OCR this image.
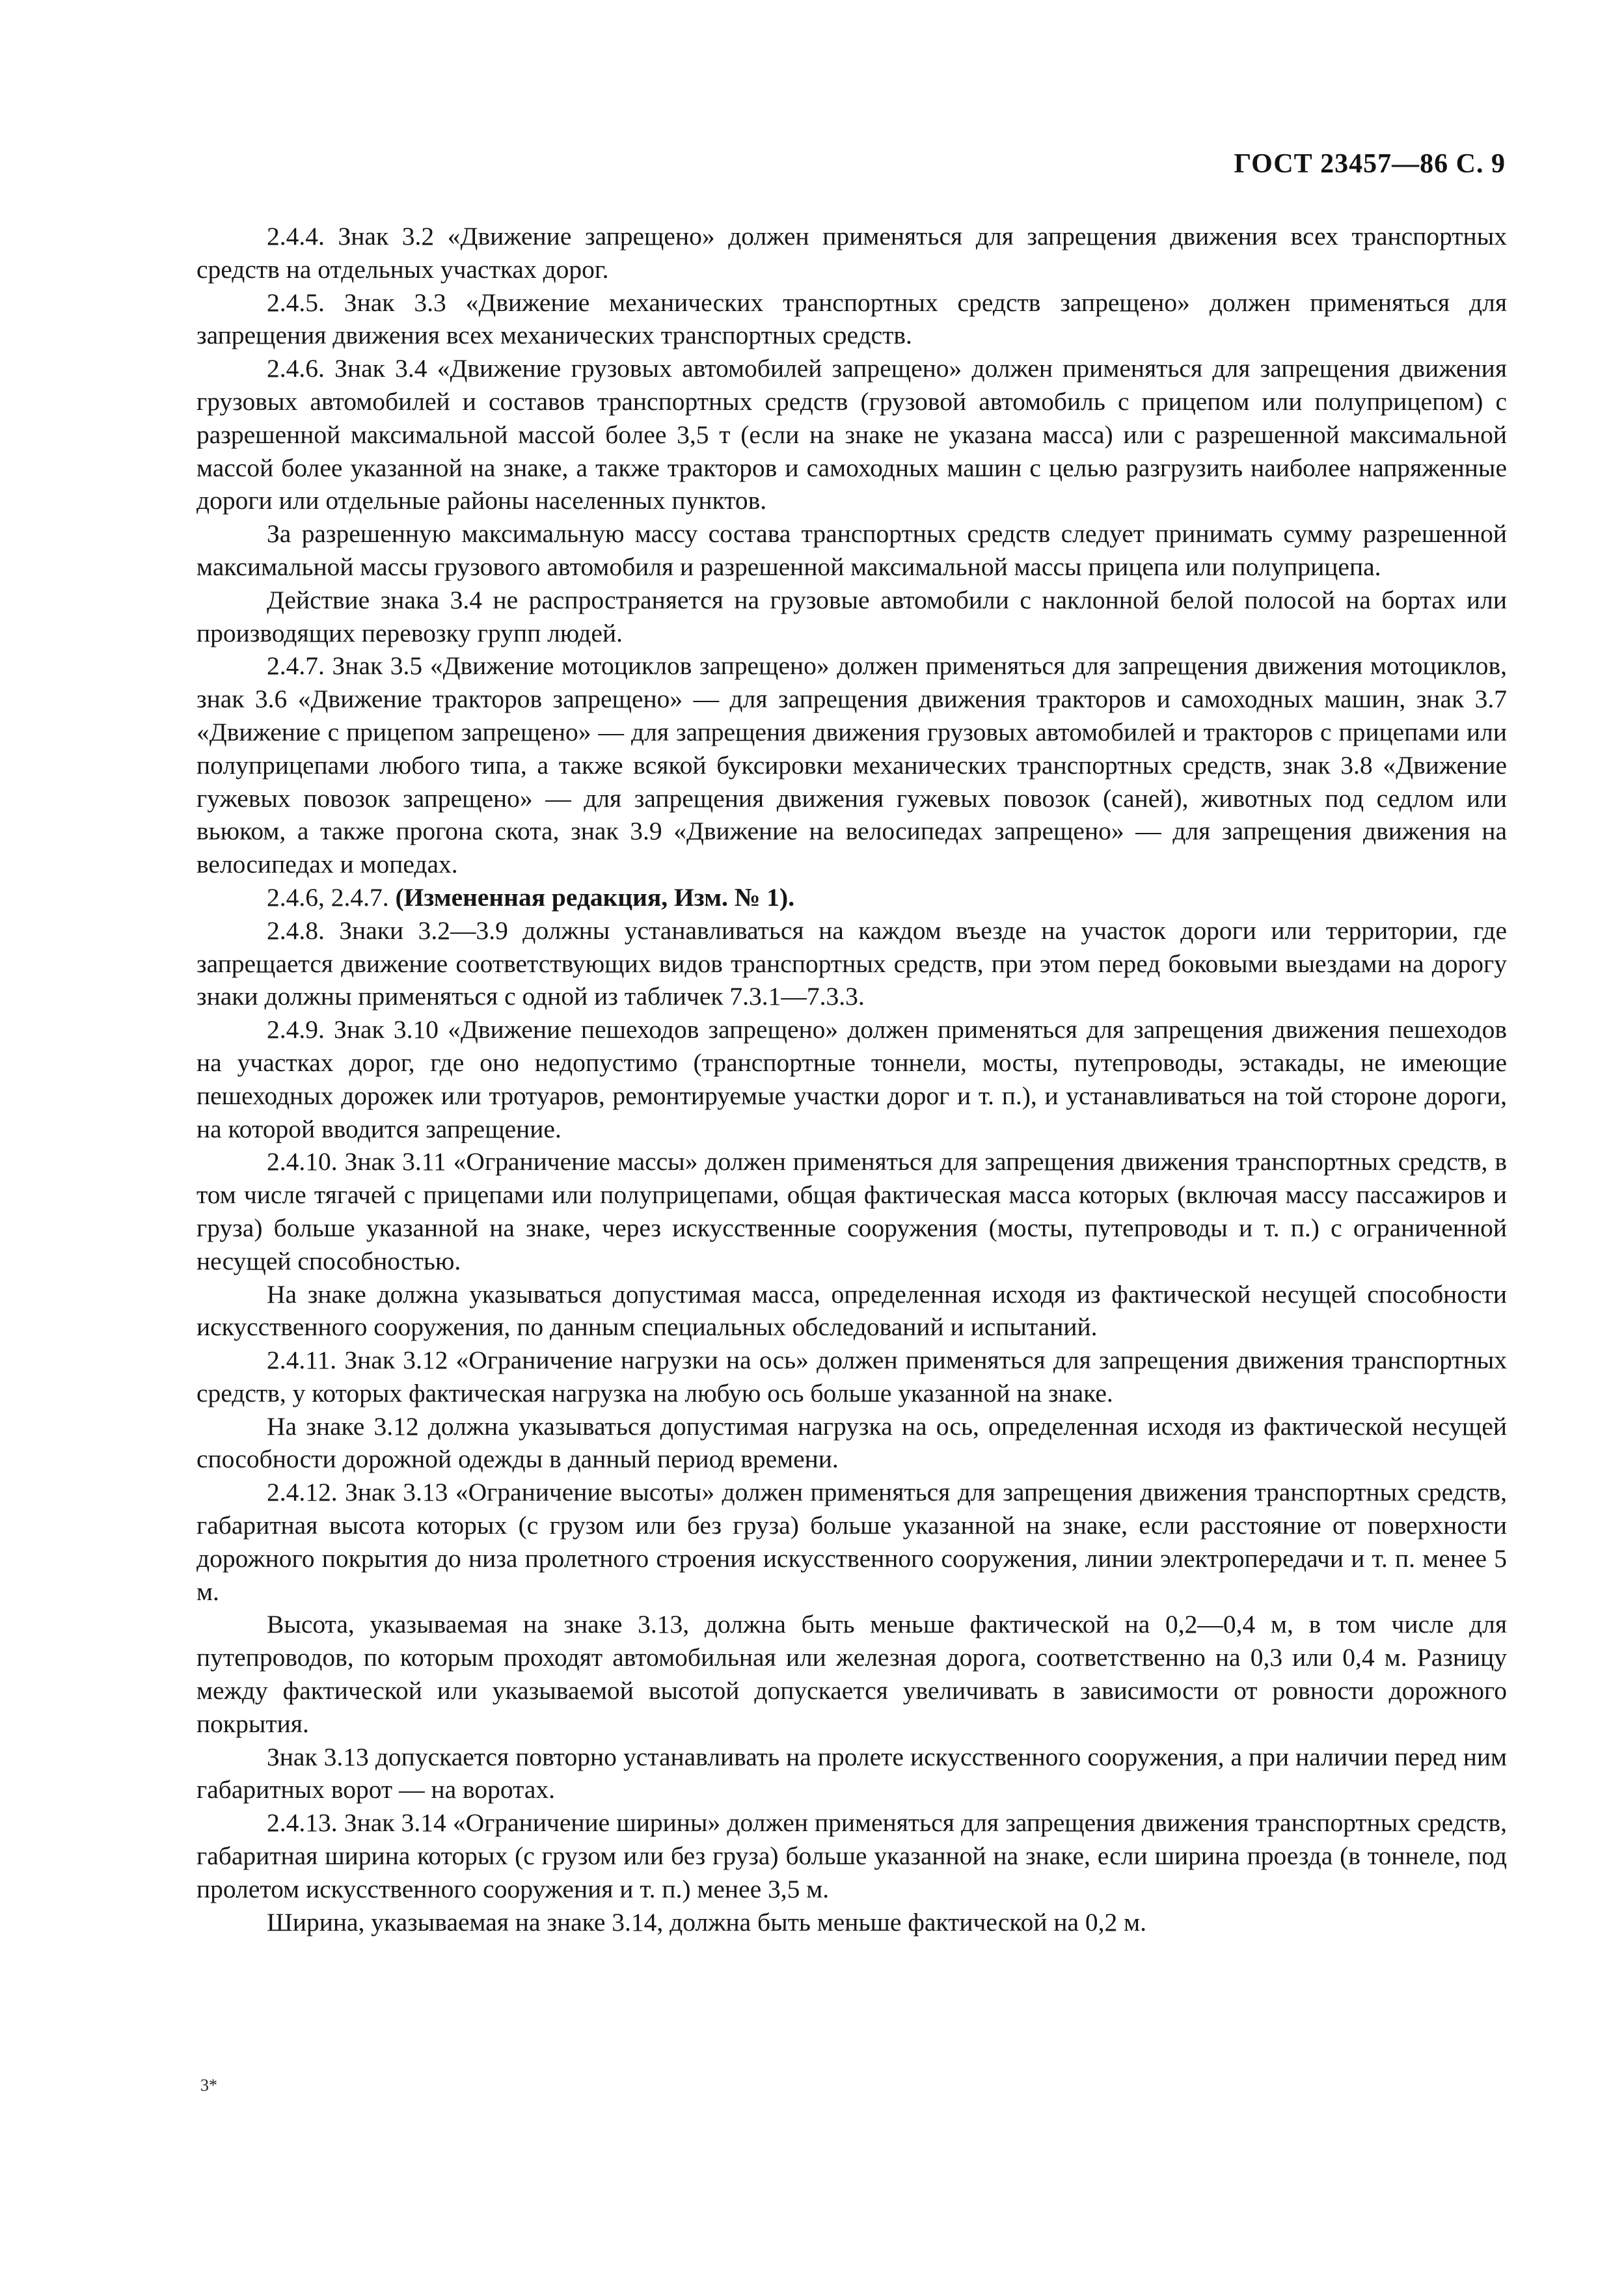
ГОСТ 23457—86 С. 9

2.4.4. Знак 3.2 «Движение запрещено» должен применяться для запрещения движения всех транспортных средств на отдельных участках дорог.

2.4.5. Знак 3.3 «Движение механических транспортных средств запрещено» должен применяться для запрещения движения всех механических транспортных средств.

2.4.6. Знак 3.4 «Движение грузовых автомобилей запрещено» должен применяться для запрещения движения грузовых автомобилей и составов транспортных средств (грузовой автомобиль с прицепом или полуприцепом) с разрешенной максимальной массой более 3,5 т (если на знаке не указана масса) или с разрешенной максимальной массой более указанной на знаке, а также тракторов и самоходных машин с целью разгрузить наиболее напряженные дороги или отдельные районы населенных пунктов.

За разрешенную максимальную массу состава транспортных средств следует принимать сумму разрешенной максимальной массы грузового автомобиля и разрешенной максимальной массы прицепа или полуприцепа.

Действие знака 3.4 не распространяется на грузовые автомобили с наклонной белой полосой на бортах или производящих перевозку групп людей.

2.4.7. Знак 3.5 «Движение мотоциклов запрещено» должен применяться для запрещения движения мотоциклов, знак 3.6 «Движение тракторов запрещено» — для запрещения движения тракторов и самоходных машин, знак 3.7 «Движение с прицепом запрещено» — для запрещения движения грузовых автомобилей и тракторов с прицепами или полуприцепами любого типа, а также всякой буксировки механических транспортных средств, знак 3.8 «Движение гужевых повозок запрещено» — для запрещения движения гужевых повозок (саней), животных под седлом или вьюком, а также прогона скота, знак 3.9 «Движение на велосипедах запрещено» — для запрещения движения на велосипедах и мопедах.

2.4.6, 2.4.7. (Измененная редакция, Изм. № 1).

2.4.8. Знаки 3.2—3.9 должны устанавливаться на каждом въезде на участок дороги или территории, где запрещается движение соответствующих видов транспортных средств, при этом перед боковыми выездами на дорогу знаки должны применяться с одной из табличек 7.3.1—7.3.3.

2.4.9. Знак 3.10 «Движение пешеходов запрещено» должен применяться для запрещения движения пешеходов на участках дорог, где оно недопустимо (транспортные тоннели, мосты, путепроводы, эстакады, не имеющие пешеходных дорожек или тротуаров, ремонтируемые участки дорог и т. п.), и устанавливаться на той стороне дороги, на которой вводится запрещение.

2.4.10. Знак 3.11 «Ограничение массы» должен применяться для запрещения движения транспортных средств, в том числе тягачей с прицепами или полуприцепами, общая фактическая масса которых (включая массу пассажиров и груза) больше указанной на знаке, через искусственные сооружения (мосты, путепроводы и т. п.) с ограниченной несущей способностью.

На знаке должна указываться допустимая масса, определенная исходя из фактической несущей способности искусственного сооружения, по данным специальных обследований и испытаний.

2.4.11. Знак 3.12 «Ограничение нагрузки на ось» должен применяться для запрещения движения транспортных средств, у которых фактическая нагрузка на любую ось больше указанной на знаке.

На знаке 3.12 должна указываться допустимая нагрузка на ось, определенная исходя из фактической несущей способности дорожной одежды в данный период времени.

2.4.12. Знак 3.13 «Ограничение высоты» должен применяться для запрещения движения транспортных средств, габаритная высота которых (с грузом или без груза) больше указанной на знаке, если расстояние от поверхности дорожного покрытия до низа пролетного строения искусственного сооружения, линии электропередачи и т. п. менее 5 м.

Высота, указываемая на знаке 3.13, должна быть меньше фактической на 0,2—0,4 м, в том числе для путепроводов, по которым проходят автомобильная или железная дорога, соответственно на 0,3 или 0,4 м. Разницу между фактической или указываемой высотой допускается увеличивать в зависимости от ровности дорожного покрытия.

Знак 3.13 допускается повторно устанавливать на пролете искусственного сооружения, а при наличии перед ним габаритных ворот — на воротах.

2.4.13. Знак 3.14 «Ограничение ширины» должен применяться для запрещения движения транспортных средств, габаритная ширина которых (с грузом или без груза) больше указанной на знаке, если ширина проезда (в тоннеле, под пролетом искусственного сооружения и т. п.) менее 3,5 м.

Ширина, указываемая на знаке 3.14, должна быть меньше фактической на 0,2 м.

3*
